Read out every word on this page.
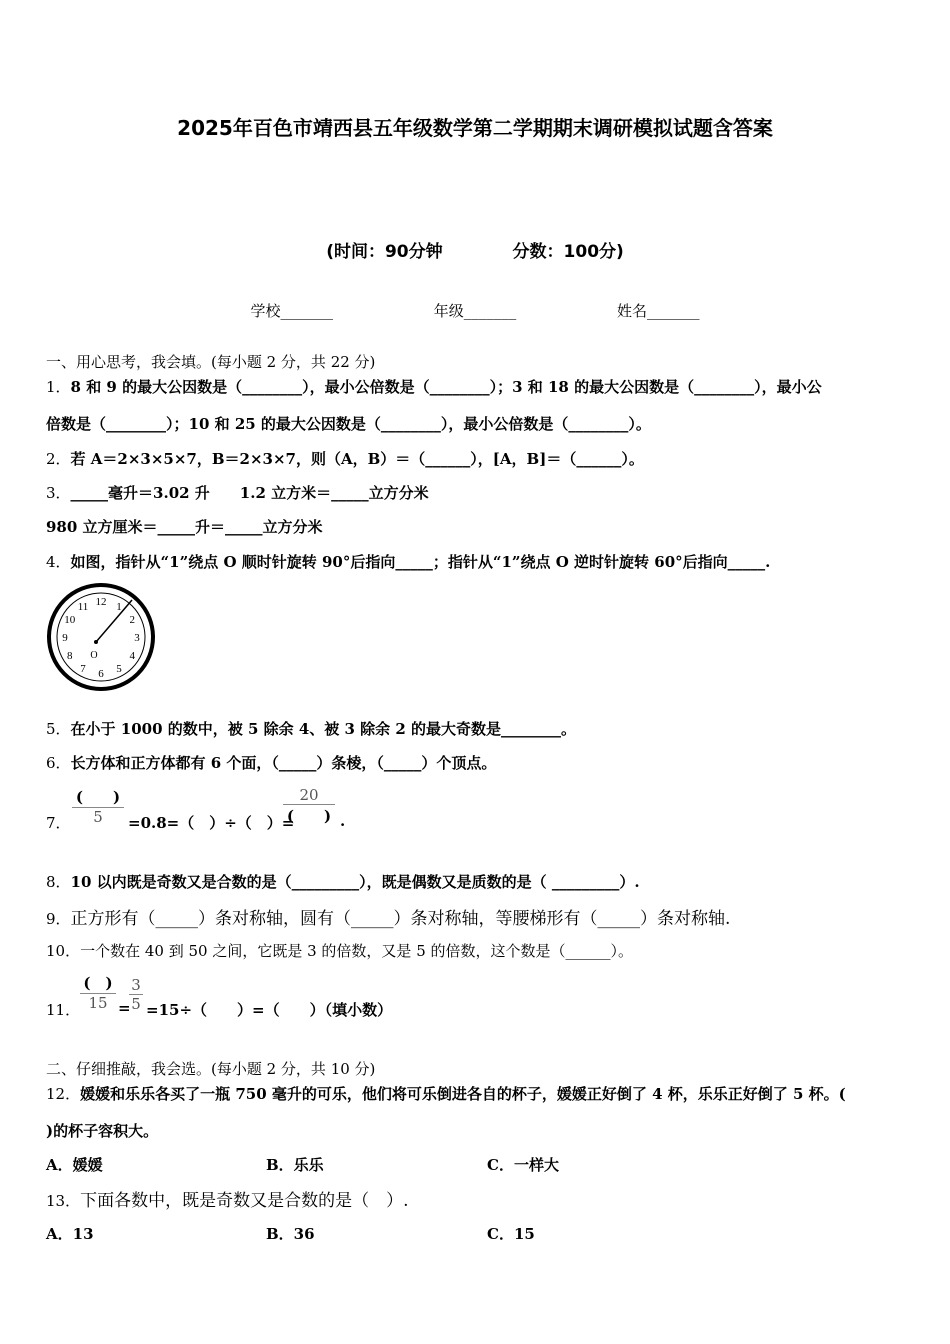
2025年百色市靖西县五年级数学第二学期期末调研模拟试题含答案
(时间：90分钟	分数：100分)
学校_______	年级_______	姓名_______
一、用心思考，我会填。(每小题 2 分，共 22 分)
1．8 和 9 的最大公因数是（________），最小公倍数是（________）；3 和 18 的最大公因数是（________），最小公
倍数是（________）；10 和 25 的最大公因数是（________），最小公倍数是（________）。
2．若 A＝2×3×5×7，B＝2×3×7，则（A，B）＝（______），[A，B]＝（______）。
3．_____毫升＝3.02 升　　1.2 立方米＝_____立方分米
980 立方厘米＝_____升＝_____立方分米
4．如图，指针从“1”绕点 O 顺时针旋转 90°后指向_____；指针从“1”绕点 O 逆时针旋转 60°后指向_____.
12 1
2
3
4
5
6
7
8
9
10
11
O
5．在小于 1000 的数中，被 5 除余 4、被 3 除余 2 的最大奇数是________。
6．长方体和正方体都有 6 个面，（_____）条棱，（_____）个顶点。
7．
(　　)
5	=0.8=（　）÷（　）=
20
(　　) .
8．10 以内既是奇数又是合数的是（_________），既是偶数又是质数的是（ _________）.
9．正方形有（_____）条对称轴，圆有（_____）条对称轴，等腰梯形有（_____）条对称轴.
10．一个数在 40 到 50 之间，它既是 3 的倍数，又是 5 的倍数，这个数是（______）。
11．
(　)
15 =
3
5 =15÷（　　）=（　　）（填小数）
二、仔细推敲，我会选。(每小题 2 分，共 10 分)
12．媛媛和乐乐各买了一瓶 750 毫升的可乐，他们将可乐倒进各自的杯子，媛媛正好倒了 4 杯，乐乐正好倒了 5 杯。(
)的杯子容积大。
A．媛媛	B．乐乐	C．一样大
13．下面各数中，既是奇数又是合数的是（　）.
A．13	B．36	C．15
